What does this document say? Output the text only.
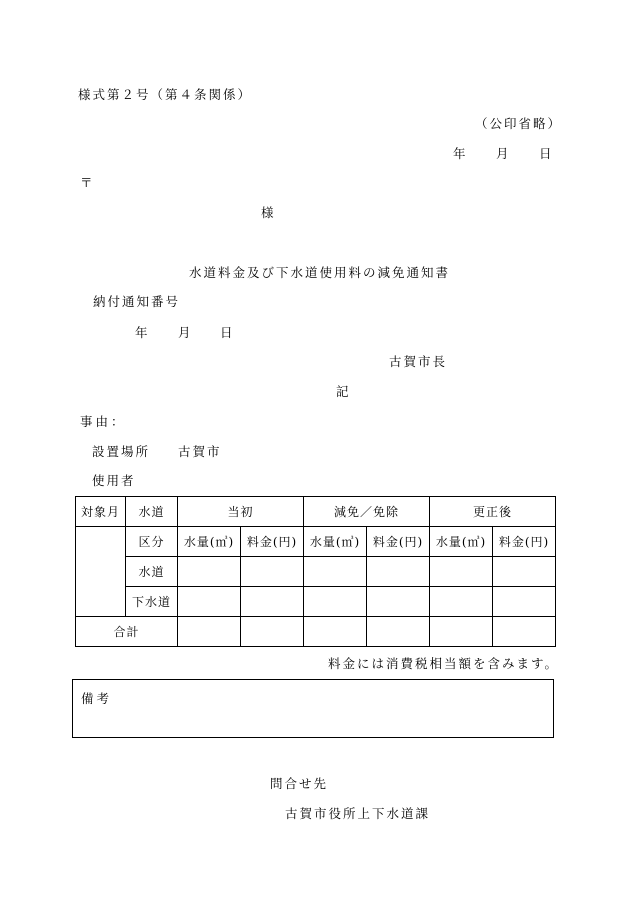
様式第２号（第４条関係）
（公印省略）
年 月 日
〒
様
水道料金及び下水道使用料の減免通知書
納付通知番号
年 月 日
古賀市長
記
事由：
設置場所 古賀市
使用者
対象月	水道	当初		減免／免除		更正後	
	区分	水量(㎥)	料金(円)	水量(㎥)	料金(円)	水量(㎥)	料金(円)
	水道						
	下水道						
合計							
料金には消費税相当額を含みます。
備考
問合せ先
古賀市役所上下水道課
